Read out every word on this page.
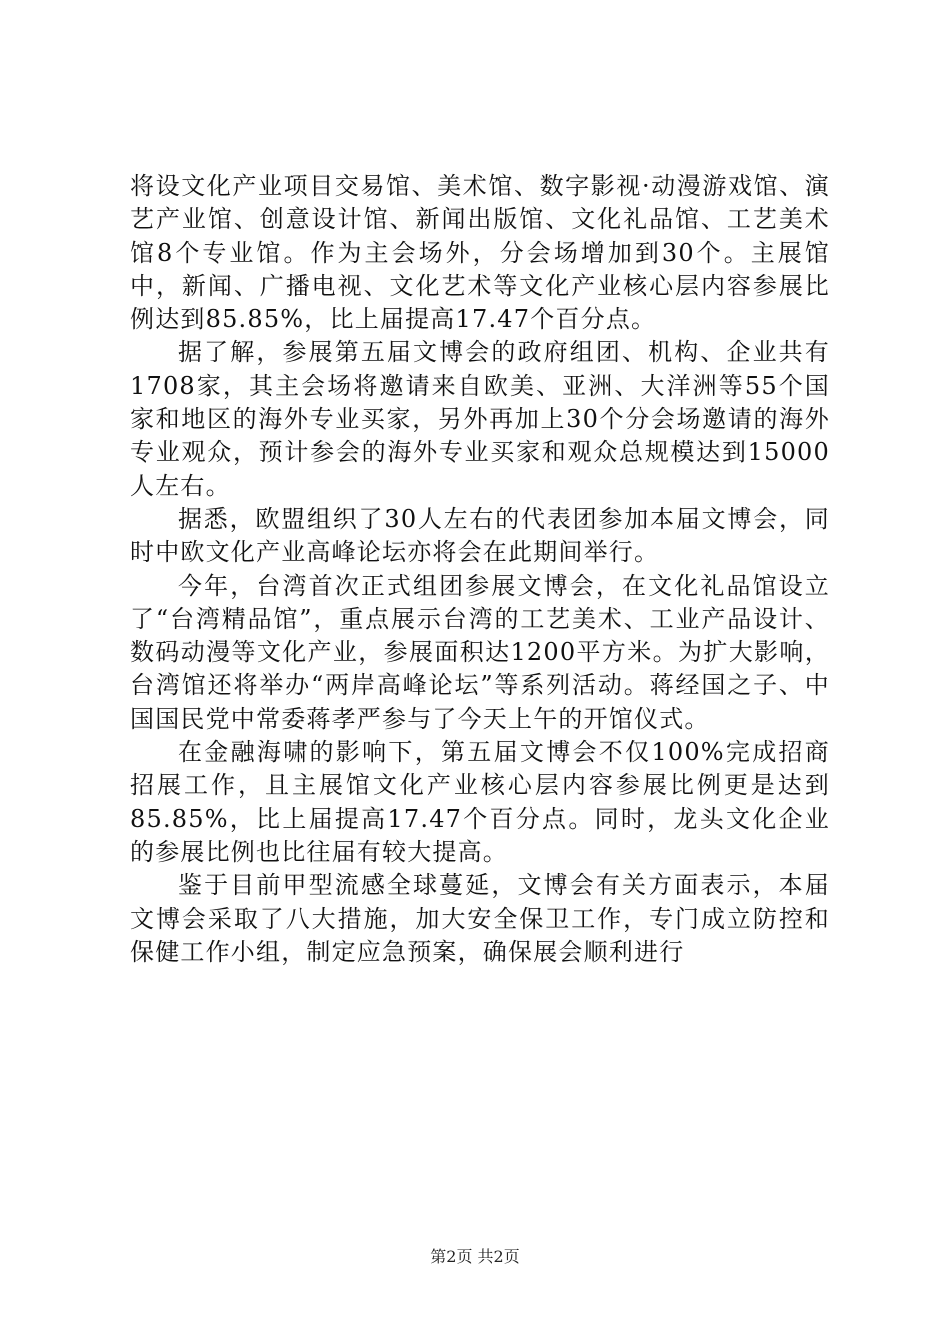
将设文化产业项目交易馆、美术馆、数字影视·动漫游戏馆、演艺产业馆、创意设计馆、新闻出版馆、文化礼品馆、工艺美术馆8个专业馆。作为主会场外，分会场增加到30个。主展馆中，新闻、广播电视、文化艺术等文化产业核心层内容参展比例达到85.85%，比上届提高17.47个百分点。

据了解，参展第五届文博会的政府组团、机构、企业共有1708家，其主会场将邀请来自欧美、亚洲、大洋洲等55个国家和地区的海外专业买家，另外再加上30个分会场邀请的海外专业观众，预计参会的海外专业买家和观众总规模达到15000人左右。

据悉，欧盟组织了30人左右的代表团参加本届文博会，同时中欧文化产业高峰论坛亦将会在此期间举行。

今年，台湾首次正式组团参展文博会，在文化礼品馆设立了“台湾精品馆”，重点展示台湾的工艺美术、工业产品设计、数码动漫等文化产业，参展面积达1200平方米。为扩大影响，台湾馆还将举办“两岸高峰论坛”等系列活动。蒋经国之子、中国国民党中常委蒋孝严参与了今天上午的开馆仪式。

在金融海啸的影响下，第五届文博会不仅100%完成招商招展工作，且主展馆文化产业核心层内容参展比例更是达到85.85%，比上届提高17.47个百分点。同时，龙头文化企业的参展比例也比往届有较大提高。

鉴于目前甲型流感全球蔓延，文博会有关方面表示，本届文博会采取了八大措施，加大安全保卫工作，专门成立防控和保健工作小组，制定应急预案，确保展会顺利进行

第2页 共2页
